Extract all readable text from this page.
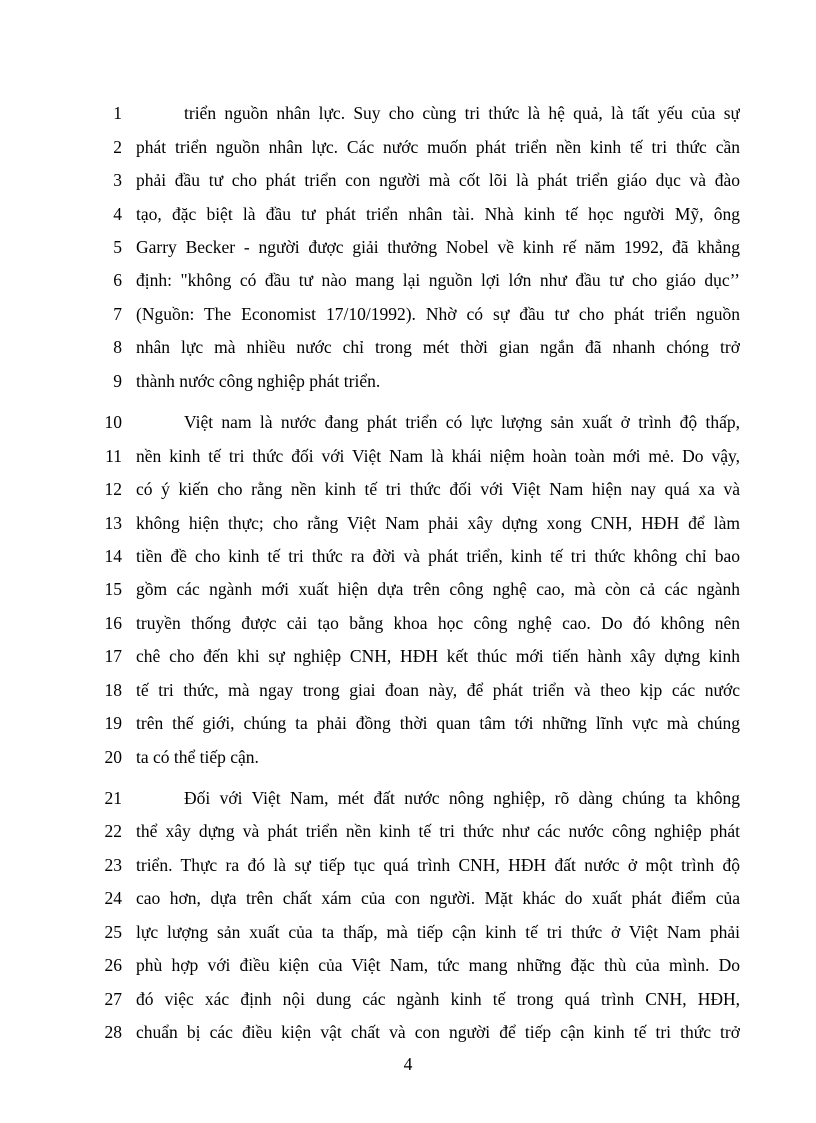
1	triển nguồn nhân lực. Suy cho cùng tri thức là hệ quả, là tất yếu của sự
2 phát triển nguồn nhân lực. Các nước muốn phát triển nền kinh tế tri thức cần
3 phải đầu tư cho phát triển con người mà cốt lõi là phát triển giáo dục và đào
4 tạo, đặc biệt là đầu tư phát triển nhân tài. Nhà kinh tế học người Mỹ, ông
5 Garry Becker - người được giải thưởng Nobel về kinh rế năm 1992, đã khẳng
6 định: "không có đầu tư nào mang lại nguồn lợi lớn như đầu tư cho giáo dục’’
7 (Nguồn: The Economist 17/10/1992). Nhờ có sự đầu tư cho phát triển nguồn
8 nhân lực mà nhiều nước chỉ trong mét thời gian ngắn đã nhanh chóng trở
9 thành nước công nghiệp phát triển.
10	Việt nam là nước đang phát triển có lực lượng sản xuất ở trình độ thấp,
11 nền kinh tế tri thức đối với Việt Nam là khái niệm hoàn toàn mới mẻ. Do vậy,
12 có ý kiến cho rằng nền kinh tế tri thức đối với Việt Nam hiện nay quá xa và
13 không hiện thực; cho rằng Việt Nam phải xây dựng xong CNH, HĐH để làm
14 tiền đề cho kinh tế tri thức ra đời và phát triển, kinh tế tri thức không chỉ bao
15 gồm các ngành mới xuất hiện dựa trên công nghệ cao, mà còn cả các ngành
16 truyền thống được cải tạo bằng khoa học công nghệ cao. Do đó không nên
17 chê cho đến khi sự nghiệp CNH, HĐH kết thúc mới tiến hành xây dựng kinh
18 tế tri thức, mà ngay trong giai đoan này, để phát triển và theo kịp các nước
19 trên thế giới, chúng ta phải đồng thời quan tâm tới những lĩnh vực mà chúng
20 ta có thể tiếp cận.
21	Đối với Việt Nam, mét đất nước nông nghiệp, rõ dàng chúng ta không
22 thể xây dựng và phát triển nền kinh tế tri thức như các nước công nghiệp phát
23 triển. Thực ra đó là sự tiếp tục quá trình CNH, HĐH đất nước ở một trình độ
24 cao hơn, dựa trên chất xám của con người. Mặt khác do xuất phát điểm của
25 lực lượng sản xuất của ta thấp, mà tiếp cận kinh tế tri thức ở Việt Nam phải
26 phù hợp với điều kiện của Việt Nam, tức mang những đặc thù của mình. Do
27 đó việc xác định nội dung các ngành kinh tế trong quá trình CNH, HĐH,
28 chuẩn bị các điều kiện vật chất và con người để tiếp cận kinh tế tri thức trở
4
